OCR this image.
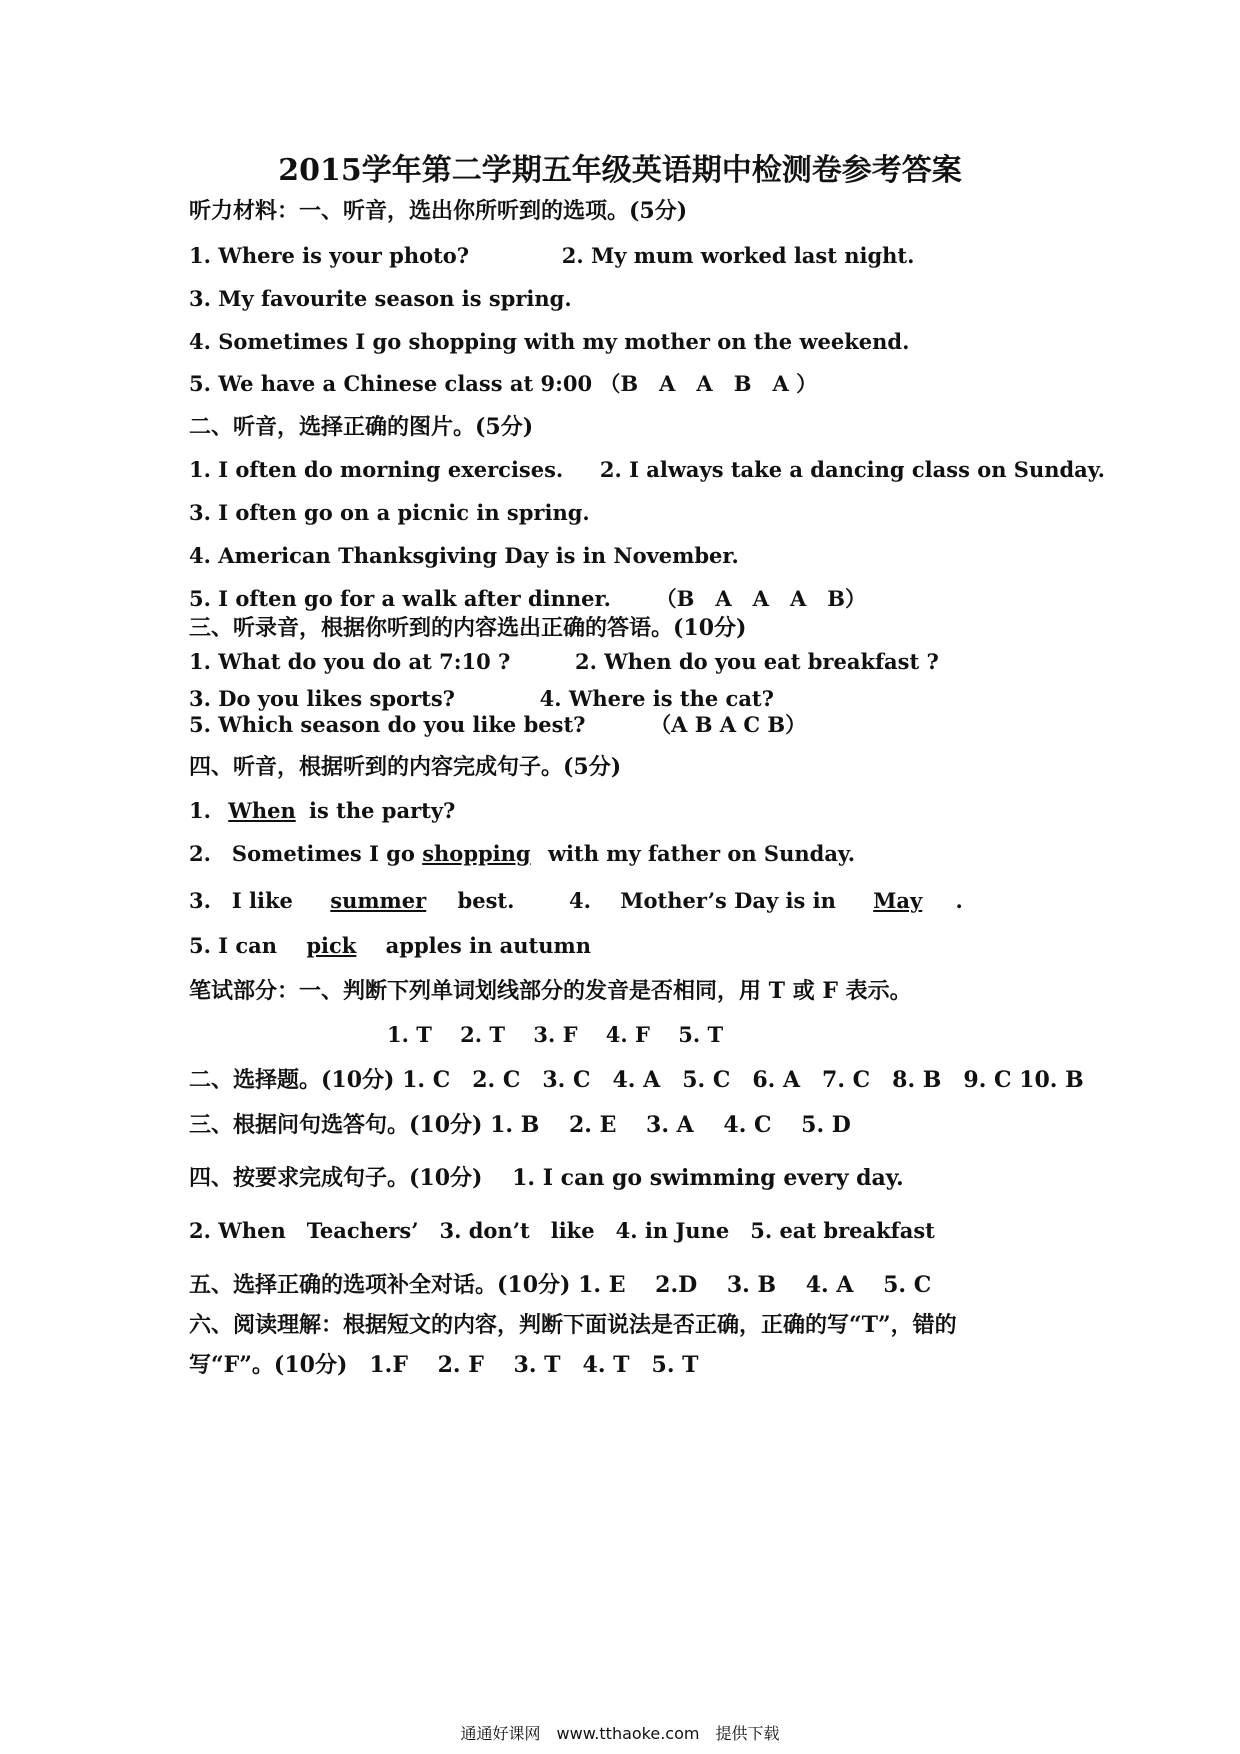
2015学年第二学期五年级英语期中检测卷参考答案
听力材料：一、听音，选出你所听到的选项。(5分)
1. Where is your photo?	2. My mum worked last night.
3. My favourite season is spring.
4. Sometimes I go shopping with my mother on the weekend.
5. We have a Chinese class at 9:00 （B　A　A　B　A ）
二、听音，选择正确的图片。(5分)
1. I often do morning exercises. 2. I always take a dancing class on Sunday.
3. I often go on a picnic in spring.
4. American Thanksgiving Day is in November.
5. I often go for a walk after dinner. （B　A　A　A　B）
三、听录音，根据你听到的内容选出正确的答语。(10分)
1. What do you do at 7:10 ?	2. When do you eat breakfast ?
3. Do you likes sports?	4. Where is the cat?
5. Which season do you like best?	（A B A C B）
四、听音，根据听到的内容完成句子。(5分)
1. When is the party?
2.　Sometimes I go shopping with my father on Sunday.
3.　I like summer best.	4. Mother’s Day is in May .
5. I can pick apples in autumn
笔试部分：一、判断下列单词划线部分的发音是否相同，用 T 或 F 表示。
1. T　 2. T　 3. F　 4. F　 5. T
二、选择题。(10分) 1. C　2. C　3. C　4. A　5. C　6. A　7. C　8. B　9. C 10. B
三、根据问句选答句。(10分) 1. B　 2. E　 3. A　 4. C　 5. D
四、按要求完成句子。(10分)　 1. I can go swimming every day.
2. When　Teachers’　3. don’t　like　4. in June　5. eat breakfast
五、选择正确的选项补全对话。(10分) 1. E　 2.D　 3. B　 4. A　 5. C
六、阅读理解：根据短文的内容，判断下面说法是否正确，正确的写“T”，错的
写“F”。(10分)　1.F　 2. F　 3. T　4. T　5. T
通通好课网　www.tthaoke.com　提供下载
